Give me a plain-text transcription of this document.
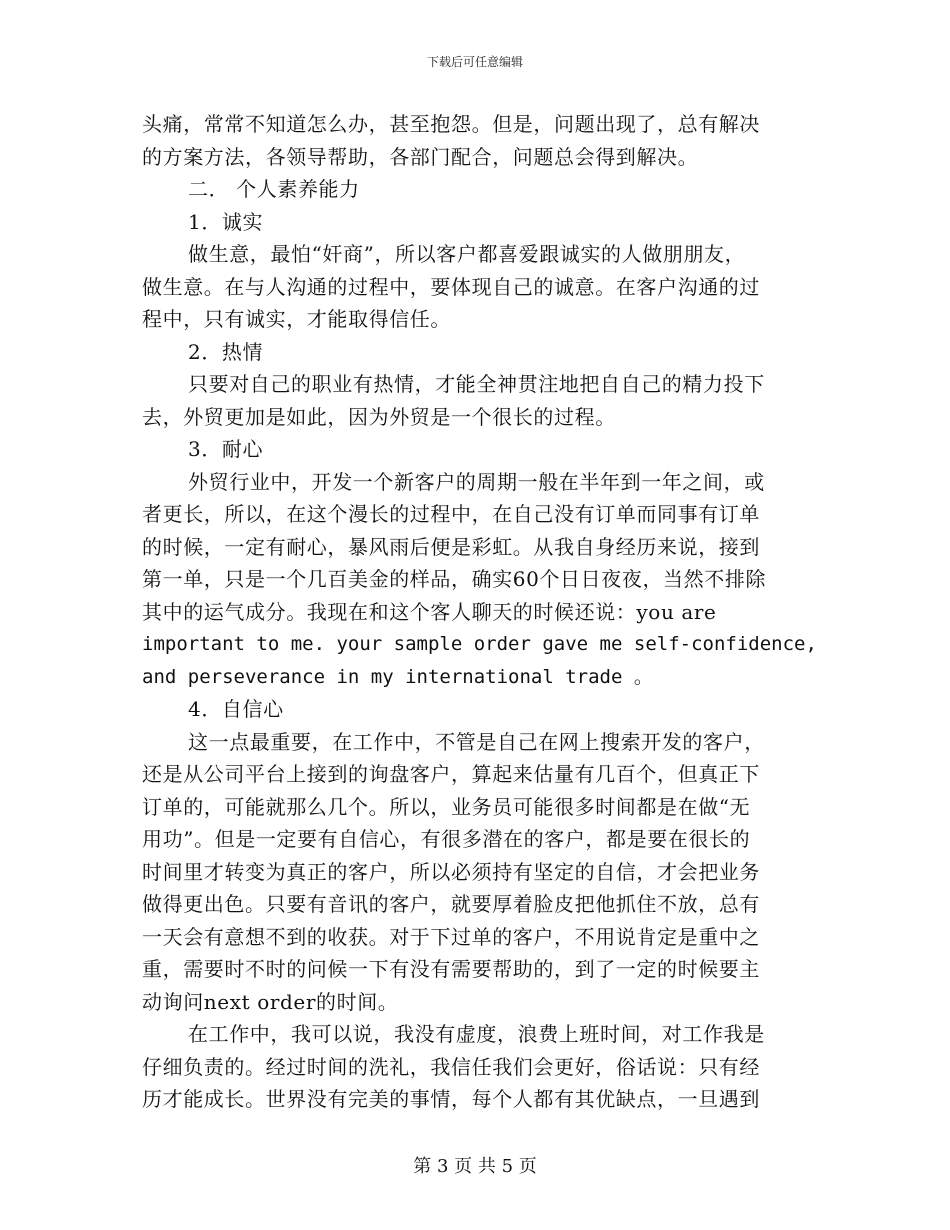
下载后可任意编辑
头痛，常常不知道怎么办，甚至抱怨。但是，问题出现了，总有解决
的方案方法，各领导帮助，各部门配合，问题总会得到解决。
二． 个人素养能力
1．诚实
做生意，最怕“奸商”，所以客户都喜爱跟诚实的人做朋朋友，
做生意。在与人沟通的过程中，要体现自己的诚意。在客户沟通的过
程中，只有诚实，才能取得信任。
2．热情
只要对自己的职业有热情，才能全神贯注地把自自己的精力投下
去，外贸更加是如此，因为外贸是一个很长的过程。
3．耐心
外贸行业中，开发一个新客户的周期一般在半年到一年之间，或
者更长，所以，在这个漫长的过程中，在自己没有订单而同事有订单
的时候，一定有耐心，暴风雨后便是彩虹。从我自身经历来说，接到
第一单，只是一个几百美金的样品，确实60个日日夜夜，当然不排除
其中的运气成分。我现在和这个客人聊天的时候还说：you are
important to me. your sample order gave me self-confidence,
and perseverance in my international trade 。
4．自信心
这一点最重要，在工作中，不管是自己在网上搜索开发的客户，
还是从公司平台上接到的询盘客户，算起来估量有几百个，但真正下
订单的，可能就那么几个。所以，业务员可能很多时间都是在做“无
用功”。但是一定要有自信心，有很多潜在的客户，都是要在很长的
时间里才转变为真正的客户，所以必须持有坚定的自信，才会把业务
做得更出色。只要有音讯的客户，就要厚着脸皮把他抓住不放，总有
一天会有意想不到的收获。对于下过单的客户，不用说肯定是重中之
重，需要时不时的问候一下有没有需要帮助的，到了一定的时候要主
动询问next order的时间。
在工作中，我可以说，我没有虚度，浪费上班时间，对工作我是
仔细负责的。经过时间的洗礼，我信任我们会更好，俗话说：只有经
历才能成长。世界没有完美的事情，每个人都有其优缺点，一旦遇到
第 3 页 共 5 页
